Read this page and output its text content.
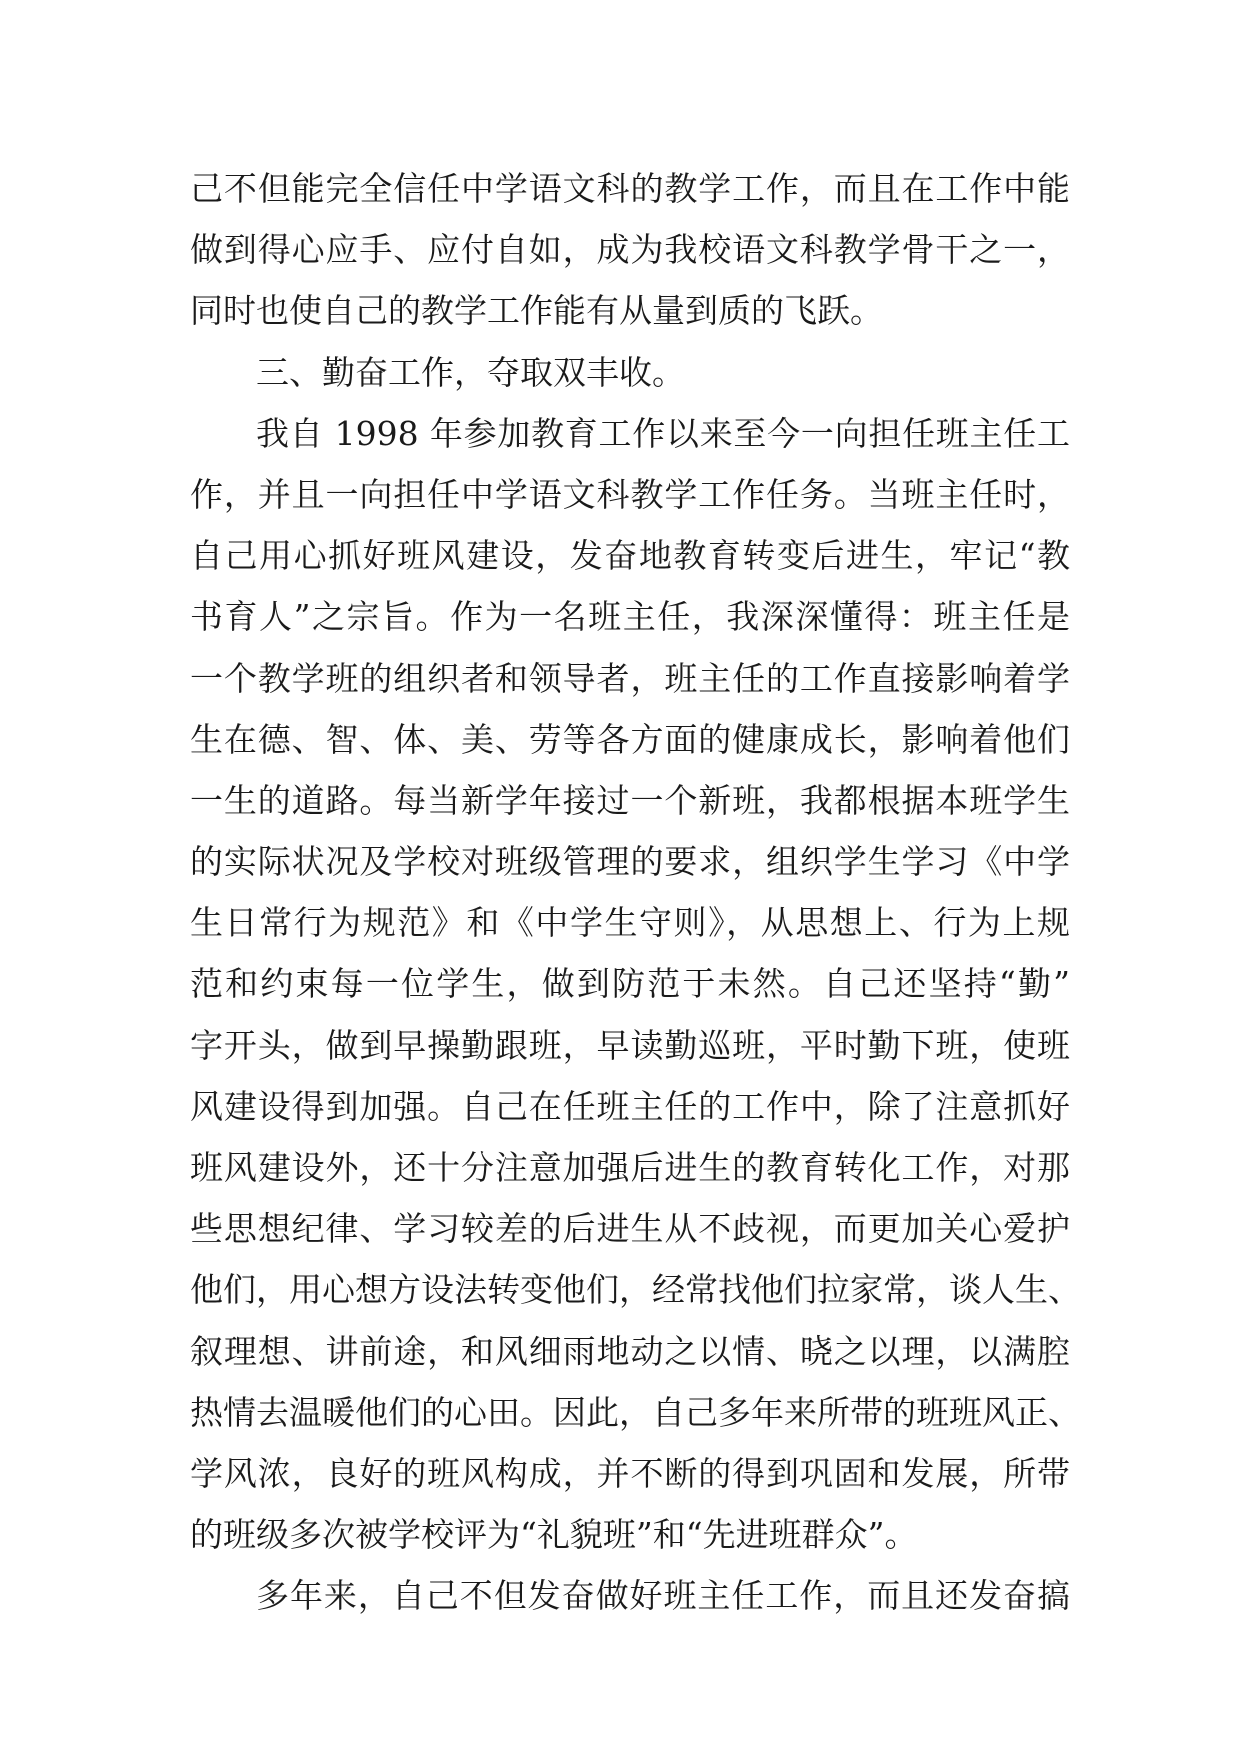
己不但能完全信任中学语文科的教学工作，而且在工作中能
做到得心应手、应付自如，成为我校语文科教学骨干之一，
同时也使自己的教学工作能有从量到质的飞跃。
三、勤奋工作，夺取双丰收。
我自 1998 年参加教育工作以来至今一向担任班主任工
作，并且一向担任中学语文科教学工作任务。当班主任时，
自己用心抓好班风建设，发奋地教育转变后进生，牢记“教
书育人”之宗旨。作为一名班主任，我深深懂得：班主任是
一个教学班的组织者和领导者，班主任的工作直接影响着学
生在德、智、体、美、劳等各方面的健康成长，影响着他们
一生的道路。每当新学年接过一个新班，我都根据本班学生
的实际状况及学校对班级管理的要求，组织学生学习《中学
生日常行为规范》和《中学生守则》，从思想上、行为上规
范和约束每一位学生，做到防范于未然。自己还坚持“勤”
字开头，做到早操勤跟班，早读勤巡班，平时勤下班，使班
风建设得到加强。自己在任班主任的工作中，除了注意抓好
班风建设外，还十分注意加强后进生的教育转化工作，对那
些思想纪律、学习较差的后进生从不歧视，而更加关心爱护
他们，用心想方设法转变他们，经常找他们拉家常，谈人生、
叙理想、讲前途，和风细雨地动之以情、晓之以理，以满腔
热情去温暖他们的心田。因此，自己多年来所带的班班风正、
学风浓，良好的班风构成，并不断的得到巩固和发展，所带
的班级多次被学校评为“礼貌班”和“先进班群众”。
多年来，自己不但发奋做好班主任工作，而且还发奋搞
